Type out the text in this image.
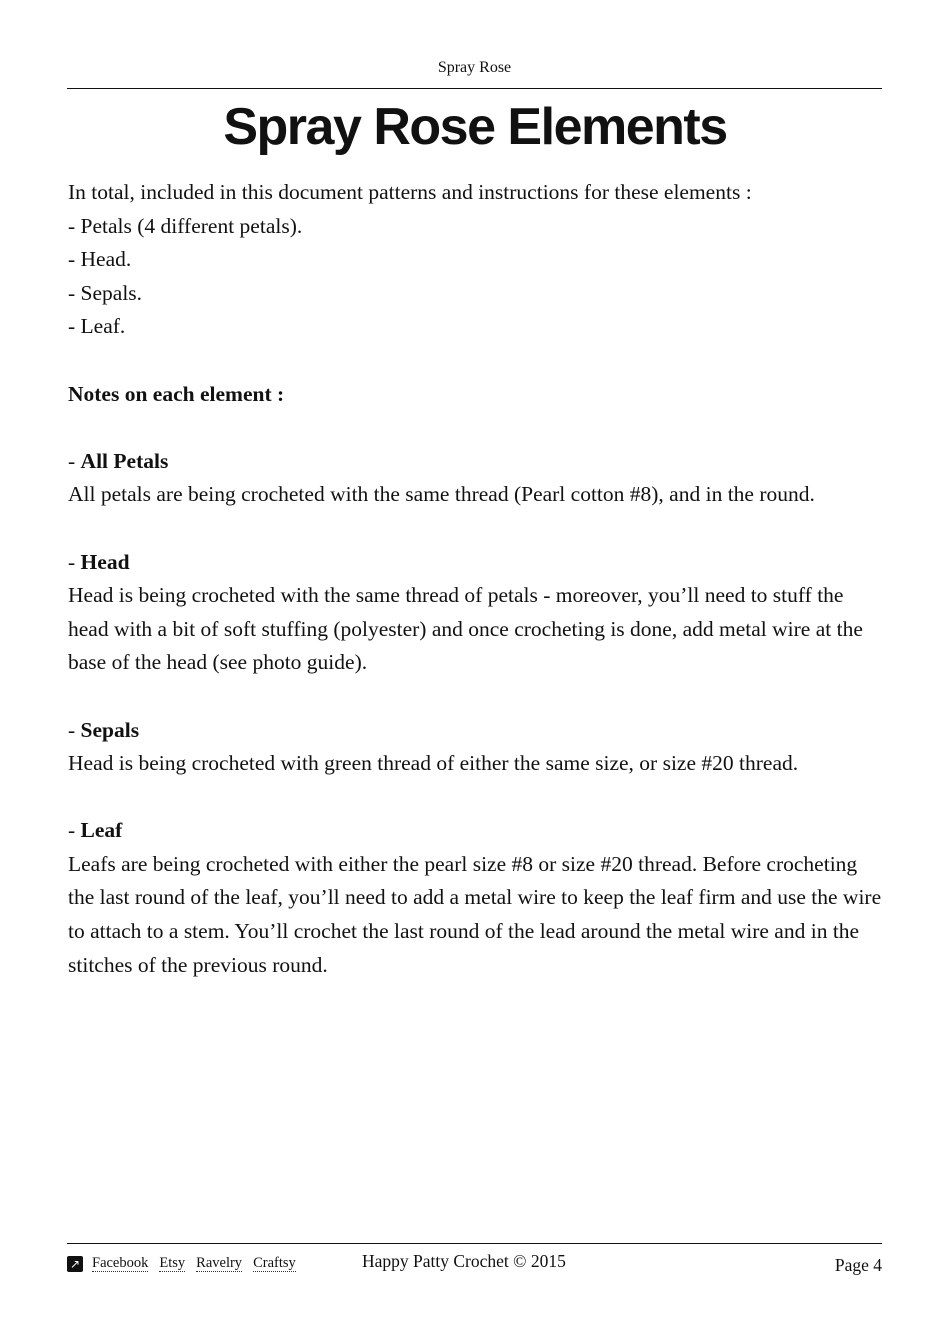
Spray Rose
Spray Rose Elements

In total, included in this document patterns and instructions for these elements :

- Petals (4 different petals).

- Head.

- Sepals.

- Leaf.

Notes on each element :

- All Petals

All petals are being crocheted with the same thread (Pearl cotton #8), and in the round.

- Head

Head is being crocheted with the same thread of petals - moreover, you’ll need to stuff the head with a bit of soft stuffing (polyester) and once crocheting is done, add metal wire at the base of the head (see photo guide).

- Sepals

Head is being crocheted with green thread of either the same size, or size #20 thread.

- Leaf

Leafs are being crocheted with either the pearl size #8 or size #20 thread. Before crocheting the last round of the leaf, you’ll need to add a metal wire to keep the leaf firm and use the wire to attach to a stem. You’ll crochet the last round of the lead around the metal wire and in the stitches of the previous round.

↗ Facebook Etsy Ravelry Craftsy	Happy Patty Crochet © 2015	Page 4
